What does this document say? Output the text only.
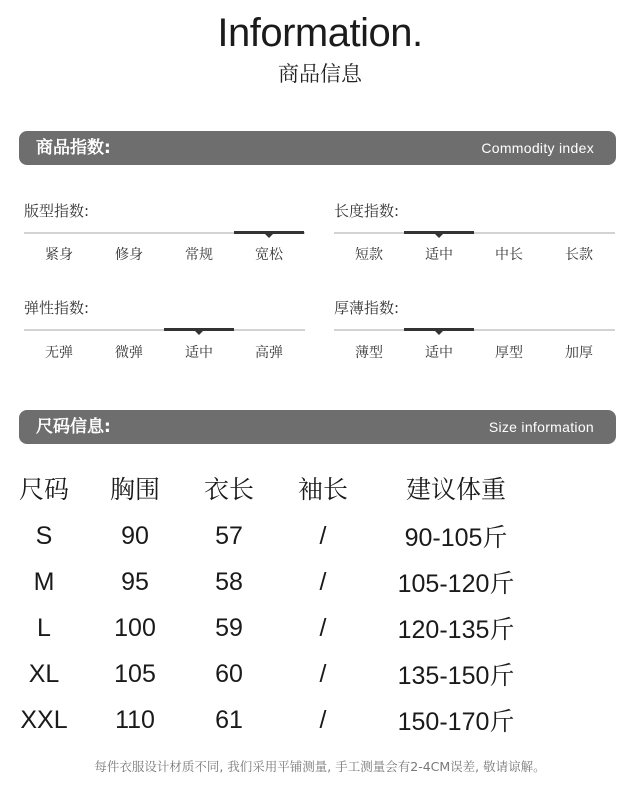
Information.
商品信息
商品指数:	Commodity index
版型指数:
紧身	修身	常规	宽松
长度指数:
短款	适中	中长	长款
弹性指数:
无弹	微弹	适中	高弹
厚薄指数:
薄型	适中	厚型	加厚
尺码信息:	Size information
尺码	胸围	衣长	袖长	建议体重	
S	90	57	/	90-105斤	
M	95	58	/	105-120斤	
L	100	59	/	120-135斤	
XL	105	60	/	135-150斤	
XXL	110	61	/	150-170斤	
每件衣服设计材质不同, 我们采用平铺测量, 手工测量会有2-4CM误差, 敬请谅解。
